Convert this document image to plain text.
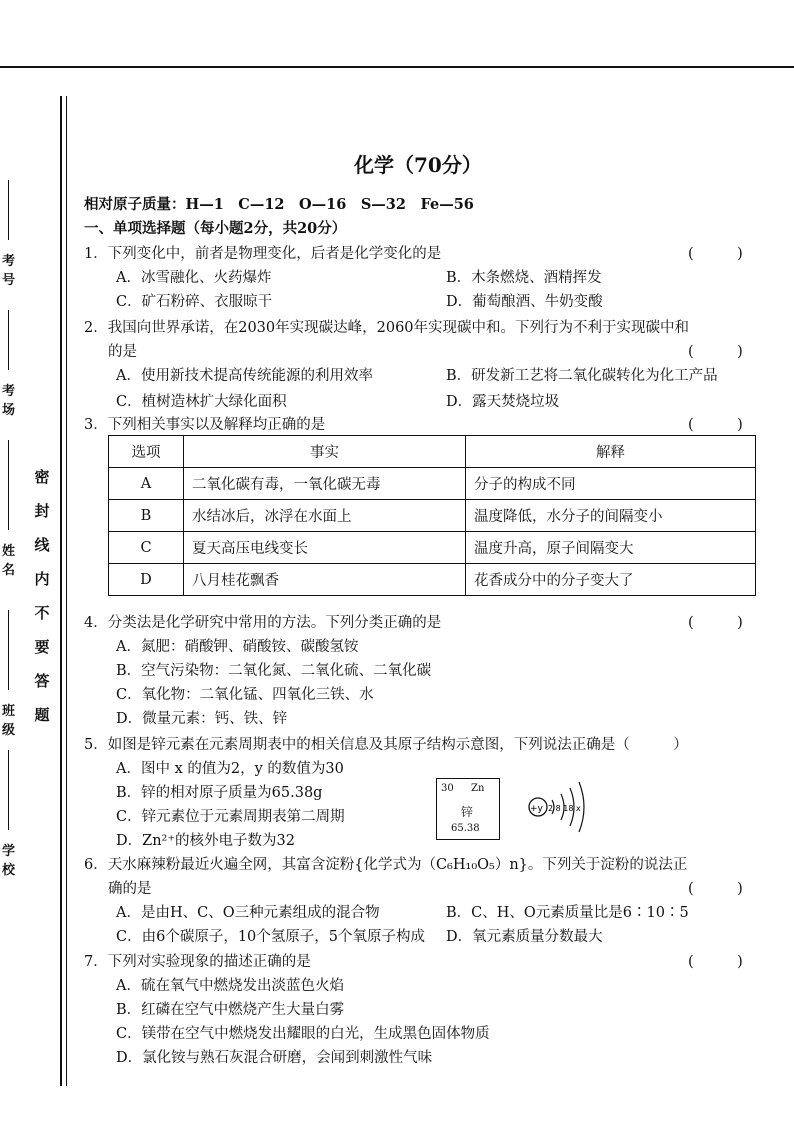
考号
考场
姓名
班级
学校
密
封
线
内
不
要
答
题
化学（70分）
相对原子质量：H—1　C—12　O—16　S—32　Fe—56
一、单项选择题（每小题2分，共20分）
1．下列变化中，前者是物理变化，后者是化学变化的是	(　　　)
A．冰雪融化、火药爆炸	B．木条燃烧、酒精挥发
C．矿石粉碎、衣服晾干	D．葡萄酿酒、牛奶变酸
2．我国向世界承诺，在2030年实现碳达峰，2060年实现碳中和。下列行为不利于实现碳中和
的是	(　　　)
A．使用新技术提高传统能源的利用效率	B．研发新工艺将二氧化碳转化为化工产品
C．植树造林扩大绿化面积	D．露天焚烧垃圾
3．下列相关事实以及解释均正确的是	(　　　)
选项	事实	解释
A	二氧化碳有毒，一氧化碳无毒	分子的构成不同
B	水结冰后，冰浮在水面上	温度降低，水分子的间隔变小
C	夏天高压电线变长	温度升高，原子间隔变大
D	八月桂花飘香	花香成分中的分子变大了
4．分类法是化学研究中常用的方法。下列分类正确的是	(　　　)
A．氮肥：硝酸钾、硝酸铵、碳酸氢铵
B．空气污染物：二氧化氮、二氧化硫、二氧化碳
C．氧化物：二氧化锰、四氧化三铁、水
D．微量元素：钙、铁、锌
5．如图是锌元素在元素周期表中的相关信息及其原子结构示意图，下列说法正确是（　　　）
A．图中 x 的值为2，y 的数值为30
B．锌的相对原子质量为65.38g
C．锌元素位于元素周期表第二周期
D．Zn²⁺的核外电子数为32
30 Zn
锌
65.38
+y 2 8 18 x
6．天水麻辣粉最近火遍全网，其富含淀粉{化学式为（C₆H₁₀O₅）n}。下列关于淀粉的说法正
确的是	(　　　)
A．是由H、C、O三种元素组成的混合物	B．C、H、O元素质量比是6∶10∶5
C．由6个碳原子，10个氢原子，5个氧原子构成 D．氧元素质量分数最大
7．下列对实验现象的描述正确的是	(　　　)
A．硫在氧气中燃烧发出淡蓝色火焰
B．红磷在空气中燃烧产生大量白雾
C．镁带在空气中燃烧发出耀眼的白光，生成黑色固体物质
D．氯化铵与熟石灰混合研磨，会闻到刺激性气味
